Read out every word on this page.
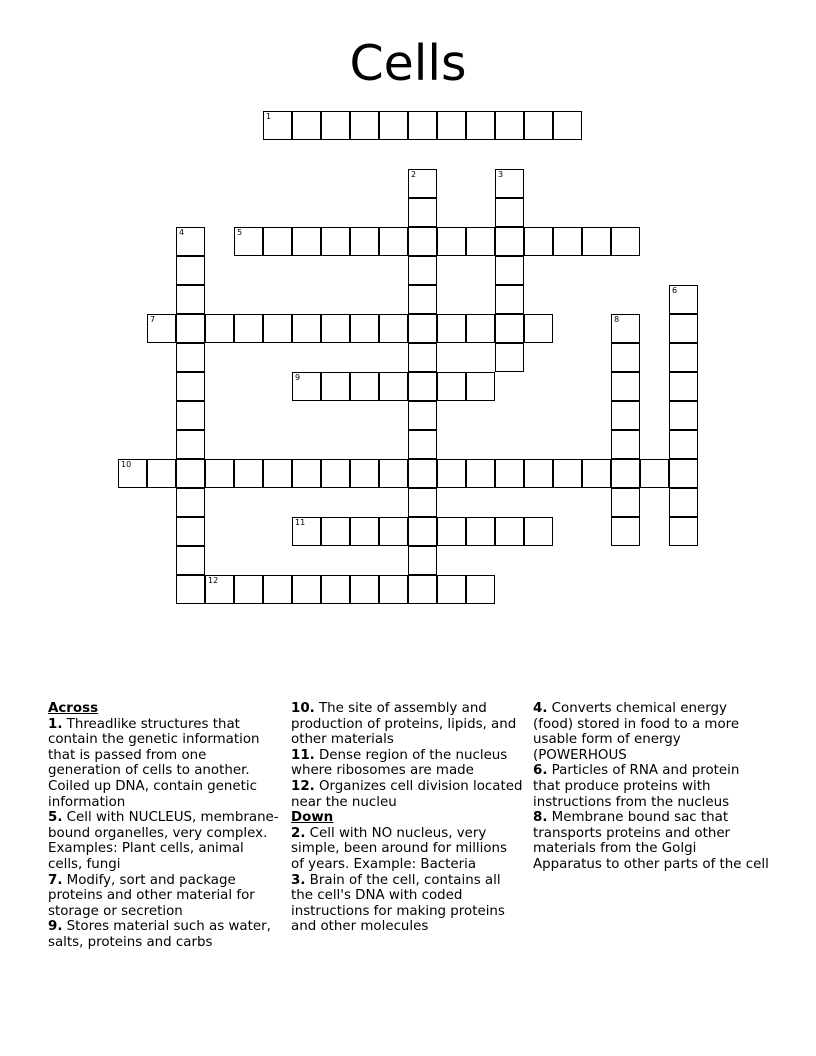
Cells
1
2	3
4	5
6
7	8
9
10
11
12
Across

1. Threadlike structures that contain the genetic information that is passed from one generation of cells to another. Coiled up DNA, contain genetic information

5. Cell with NUCLEUS, membrane-bound organelles, very complex. Examples: Plant cells, animal cells, fungi

7. Modify, sort and package proteins and other material for storage or secretion

9. Stores material such as water, salts, proteins and carbs

10. The site of assembly and production of proteins, lipids, and other materials

11. Dense region of the nucleus where ribosomes are made

12. Organizes cell division located near the nucleu

Down

2. Cell with NO nucleus, very simple, been around for millions of years. Example: Bacteria

3. Brain of the cell, contains all the cell's DNA with coded instructions for making proteins and other molecules

4. Converts chemical energy (food) stored in food to a more usable form of energy (POWERHOUS

6. Particles of RNA and protein that produce proteins with instructions from the nucleus

8. Membrane bound sac that transports proteins and other materials from the Golgi Apparatus to other parts of the cell
